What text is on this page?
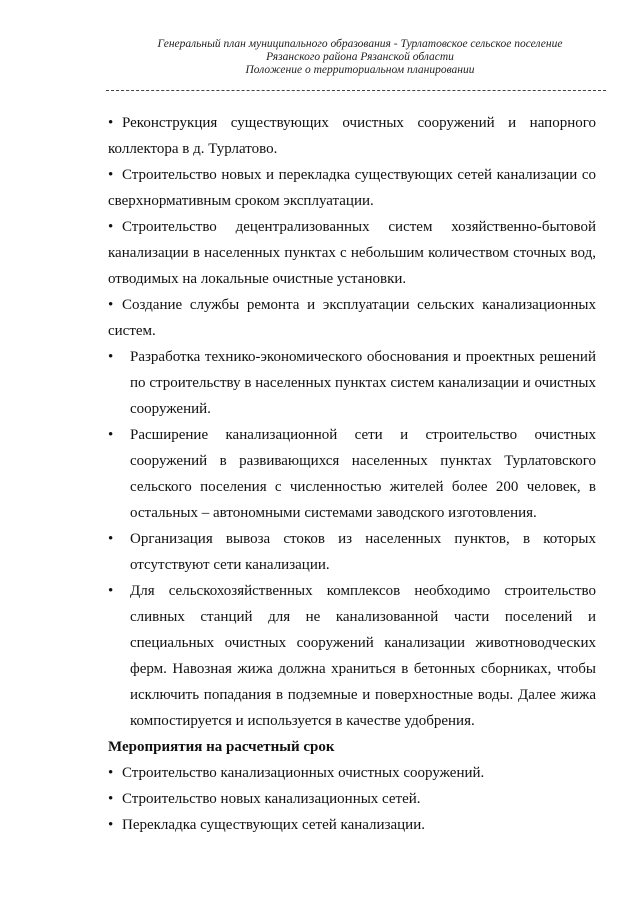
Генеральный план муниципального образования - Турлатовское сельское поселение
Рязанского района Рязанской области
Положение о территориальном планировании

• Реконструкция существующих очистных сооружений и напорного коллектора в д. Турлатово.

• Строительство новых и перекладка существующих сетей канализации со сверхнормативным сроком эксплуатации.

• Строительство децентрализованных систем хозяйственно-бытовой канализации в населенных пунктах с небольшим количеством сточных вод, отводимых на локальные очистные установки.

• Создание службы ремонта и эксплуатации сельских канализационных систем.

• Разработка технико-экономического обоснования и проектных решений по строительству в населенных пунктах систем канализации и очистных сооружений.

• Расширение канализационной сети и строительство очистных сооружений в развивающихся населенных пунктах Турлатовского сельского поселения с численностью жителей более 200 человек, в остальных – автономными системами заводского изготовления.

• Организация вывоза стоков из населенных пунктов, в которых отсутствуют сети канализации.

• Для сельскохозяйственных комплексов необходимо строительство сливных станций для не канализованной части поселений и специальных очистных сооружений канализации животноводческих ферм. Навозная жижа должна храниться в бетонных сборниках, чтобы исключить попадания в подземные и поверхностные воды. Далее жижа компостируется и используется в качестве удобрения.

Мероприятия на расчетный срок

• Строительство канализационных очистных сооружений.

• Строительство новых канализационных сетей.

• Перекладка существующих сетей канализации.
